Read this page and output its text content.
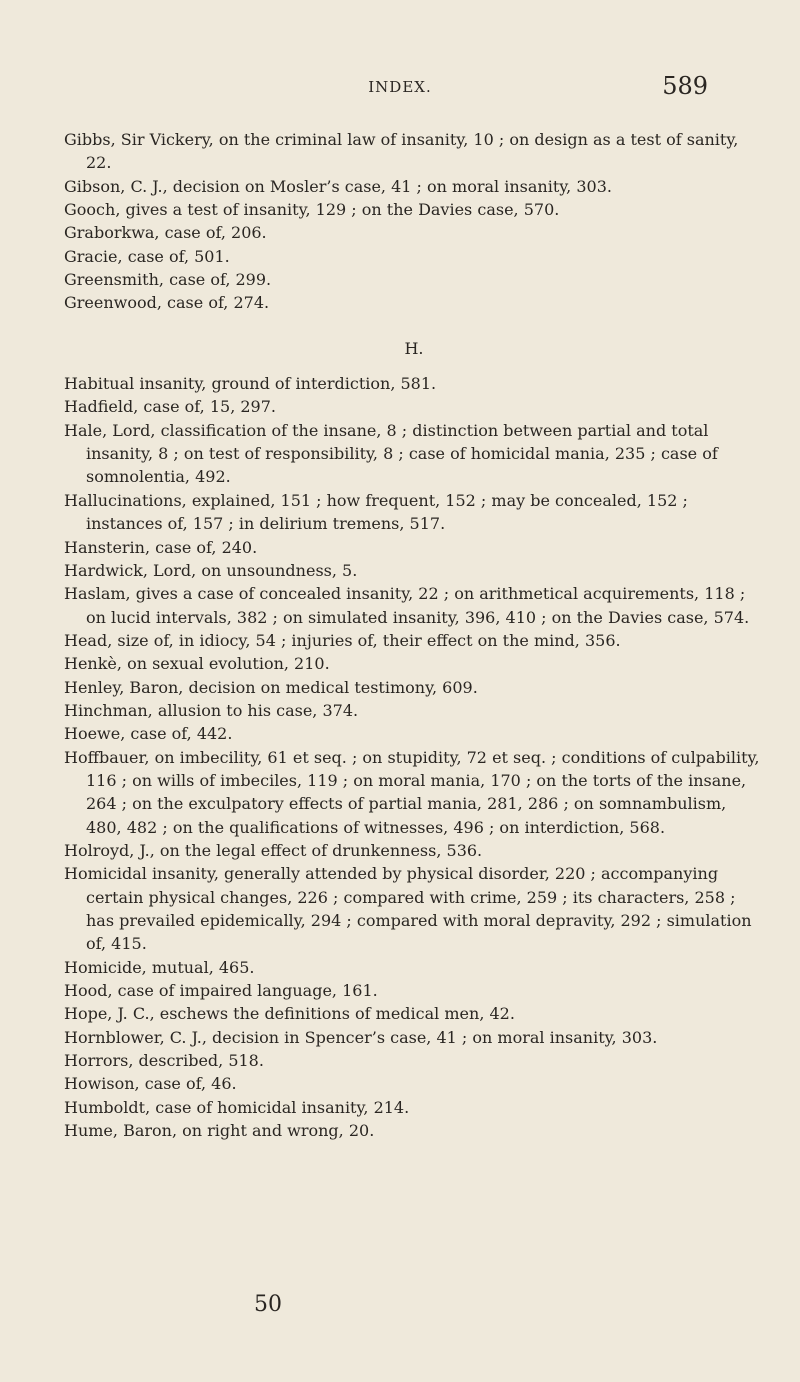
INDEX.	589

Gibbs, Sir Vickery, on the criminal law of insanity, 10 ; on design as a test of sanity, 22.

Gibson, C. J., decision on Mosler’s case, 41 ; on moral insanity, 303.

Gooch, gives a test of insanity, 129 ; on the Davies case, 570.

Graborkwa, case of, 206.

Gracie, case of, 501.

Greensmith, case of, 299.

Greenwood, case of, 274.

H.

Habitual insanity, ground of interdiction, 581.

Hadfield, case of, 15, 297.

Hale, Lord, classification of the insane, 8 ; distinction between partial and total insanity, 8 ; on test of responsibility, 8 ; case of homicidal mania, 235 ; case of somnolentia, 492.

Hallucinations, explained, 151 ; how frequent, 152 ; may be concealed, 152 ; instances of, 157 ; in delirium tremens, 517.

Hansterin, case of, 240.

Hardwick, Lord, on unsoundness, 5.

Haslam, gives a case of concealed insanity, 22 ; on arithmetical acquirements, 118 ; on lucid intervals, 382 ; on simulated insanity, 396, 410 ; on the Davies case, 574.

Head, size of, in idiocy, 54 ; injuries of, their effect on the mind, 356.

Henkè, on sexual evolution, 210.

Henley, Baron, decision on medical testimony, 609.

Hinchman, allusion to his case, 374.

Hoewe, case of, 442.

Hoffbauer, on imbecility, 61 et seq. ; on stupidity, 72 et seq. ; conditions of culpability, 116 ; on wills of imbeciles, 119 ; on moral mania, 170 ; on the torts of the insane, 264 ; on the exculpatory effects of partial mania, 281, 286 ; on somnambulism, 480, 482 ; on the qualifications of witnesses, 496 ; on interdiction, 568.

Holroyd, J., on the legal effect of drunkenness, 536.

Homicidal insanity, generally attended by physical disorder, 220 ; accompanying certain physical changes, 226 ; compared with crime, 259 ; its characters, 258 ; has prevailed epidemically, 294 ; compared with moral depravity, 292 ; simulation of, 415.

Homicide, mutual, 465.

Hood, case of impaired language, 161.

Hope, J. C., eschews the definitions of medical men, 42.

Hornblower, C. J., decision in Spencer’s case, 41 ; on moral insanity, 303.

Horrors, described, 518.

Howison, case of, 46.

Humboldt, case of homicidal insanity, 214.

Hume, Baron, on right and wrong, 20.

50
